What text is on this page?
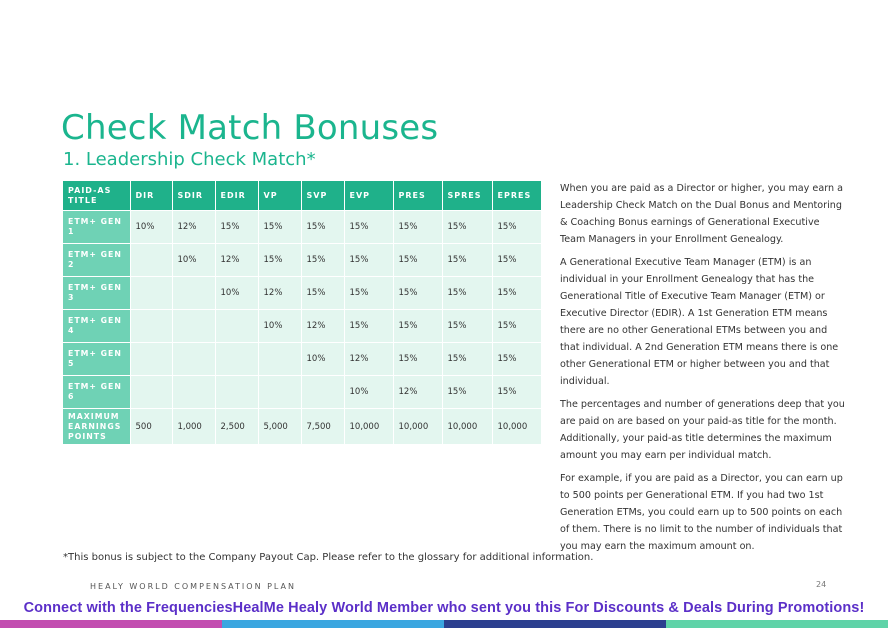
Check Match Bonuses
1. Leadership Check Match*
PAID-AS TITLE	DIR	SDIR	EDIR	VP	SVP	EVP	PRES	SPRES	EPRES
ETM+ GEN 1	10%	12%	15%	15%	15%	15%	15%	15%	15%
ETM+ GEN 2		10%	12%	15%	15%	15%	15%	15%	15%
ETM+ GEN 3			10%	12%	15%	15%	15%	15%	15%
ETM+ GEN 4				10%	12%	15%	15%	15%	15%
ETM+ GEN 5					10%	12%	15%	15%	15%
ETM+ GEN 6						10%	12%	15%	15%
MAXIMUM EARNINGS POINTS	500	1,000	2,500	5,000	7,500	10,000	10,000	10,000	10,000

When you are paid as a Director or higher, you may earn a Leadership Check Match on the Dual Bonus and Mentoring & Coaching Bonus earnings of Generational Executive Team Managers in your Enrollment Genealogy.

A Generational Executive Team Manager (ETM) is an individual in your Enrollment Genealogy that has the Generational Title of Executive Team Manager (ETM) or Executive Director (EDIR). A 1st Generation ETM means there are no other Generational ETMs between you and that individual. A 2nd Generation ETM means there is one other Generational ETM or higher between you and that individual.

The percentages and number of generations deep that you are paid on are based on your paid-as title for the month. Additionally, your paid-as title determines the maximum amount you may earn per individual match.

For example, if you are paid as a Director, you can earn up to 500 points per Generational ETM. If you had two 1st Generation ETMs, you could earn up to 500 points on each of them. There is no limit to the number of individuals that you may earn the maximum amount on.

*This bonus is subject to the Company Payout Cap. Please refer to the glossary for additional information.
HEALY WORLD COMPENSATION PLAN	24
Connect with the FrequenciesHealMe Healy World Member who sent you this For Discounts & Deals During Promotions!
